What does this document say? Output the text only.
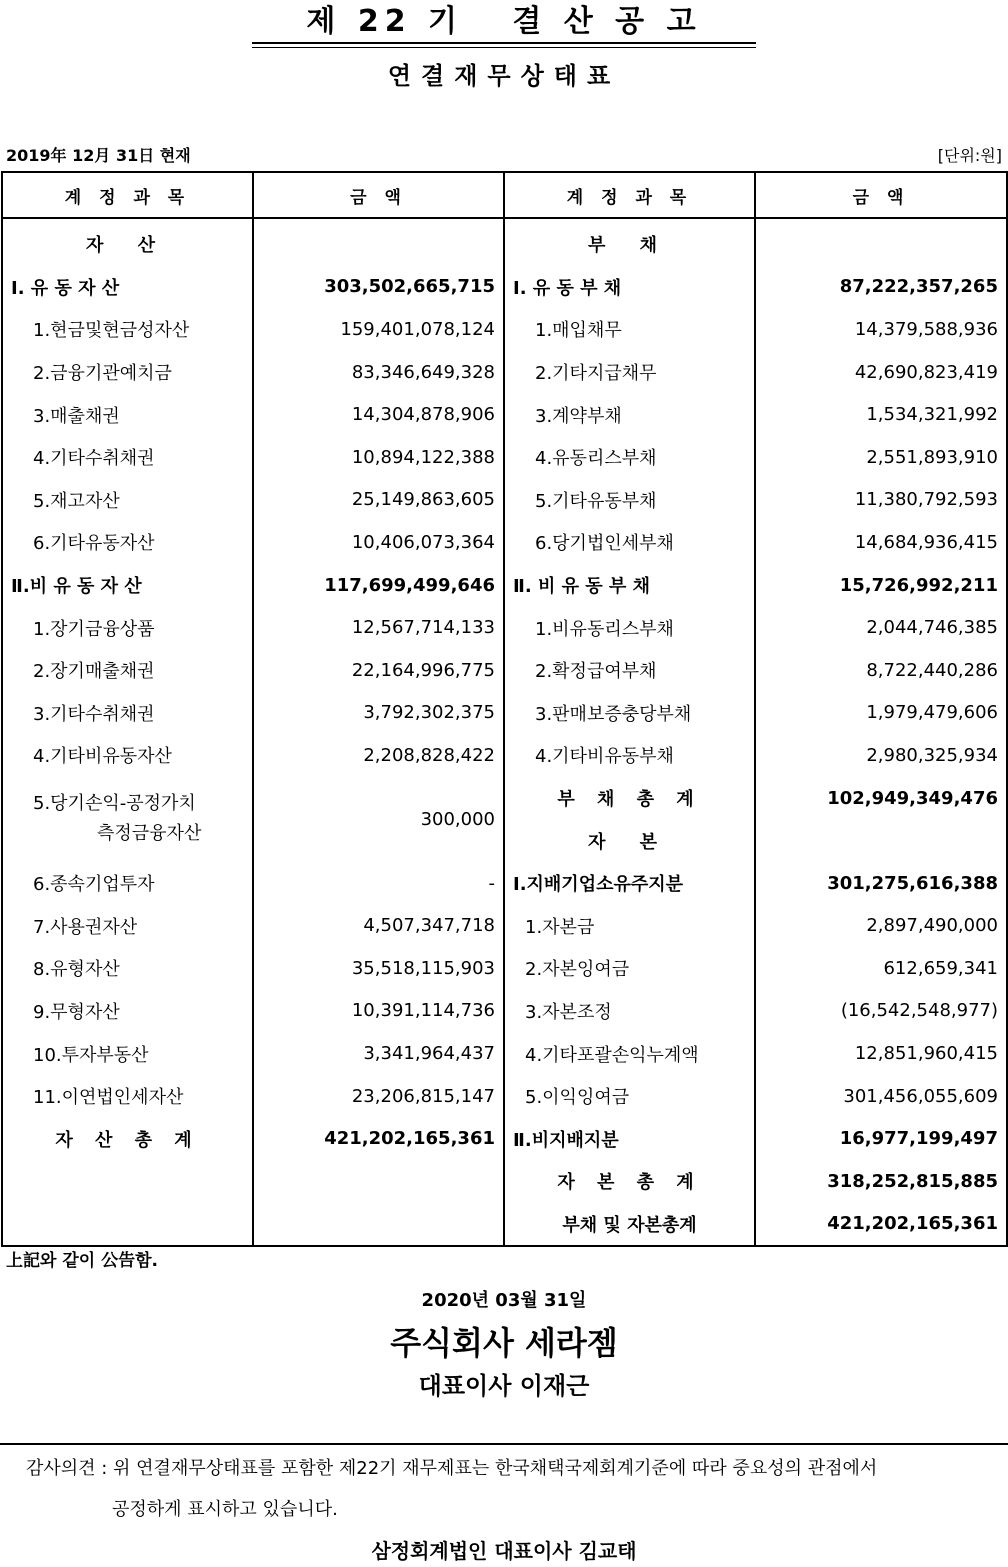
제 22 기   결 산 공 고
연결재무상태표
2019年 12月 31日 현재	[단위:원]
계 정 과 목	금 액	계 정 과 목	금 액
자 산		부 채	
Ⅰ. 유 동 자 산	303,502,665,715	Ⅰ. 유 동 부 채	87,222,357,265
1.현금및현금성자산	159,401,078,124	1.매입채무	14,379,588,936
2.금융기관예치금	83,346,649,328	2.기타지급채무	42,690,823,419
3.매출채권	14,304,878,906	3.계약부채	1,534,321,992
4.기타수취채권	10,894,122,388	4.유동리스부채	2,551,893,910
5.재고자산	25,149,863,605	5.기타유동부채	11,380,792,593
6.기타유동자산	10,406,073,364	6.당기법인세부채	14,684,936,415
Ⅱ.비 유 동 자 산	117,699,499,646	Ⅱ. 비 유 동 부 채	15,726,992,211
1.장기금융상품	12,567,714,133	1.비유동리스부채	2,044,746,385
2.장기매출채권	22,164,996,775	2.확정급여부채	8,722,440,286
3.기타수취채권	3,792,302,375	3.판매보증충당부채	1,979,479,606
4.기타비유동자산	2,208,828,422	4.기타비유동부채	2,980,325,934
5.당기손익-공정가치
측정금융자산	300,000	부 채 총 계	102,949,349,476
		자 본	
6.종속기업투자	-	Ⅰ.지배기업소유주지분	301,275,616,388
7.사용권자산	4,507,347,718	1.자본금	2,897,490,000
8.유형자산	35,518,115,903	2.자본잉여금	612,659,341
9.무형자산	10,391,114,736	3.자본조정	(16,542,548,977)
10.투자부동산	3,341,964,437	4.기타포괄손익누계액	12,851,960,415
11.이연법인세자산	23,206,815,147	5.이익잉여금	301,456,055,609
자 산 총 계	421,202,165,361	Ⅱ.비지배지분	16,977,199,497
		자 본 총 계	318,252,815,885
		부채 및 자본총계	421,202,165,361
上記와 같이 公告함.
2020년 03월 31일
주식회사 세라젬
대표이사 이재근
감사의견 : 위 연결재무상태표를 포함한 제22기 재무제표는 한국채택국제회계기준에 따라 중요성의 관점에서
공정하게 표시하고 있습니다.
삼정회계법인 대표이사 김교태
